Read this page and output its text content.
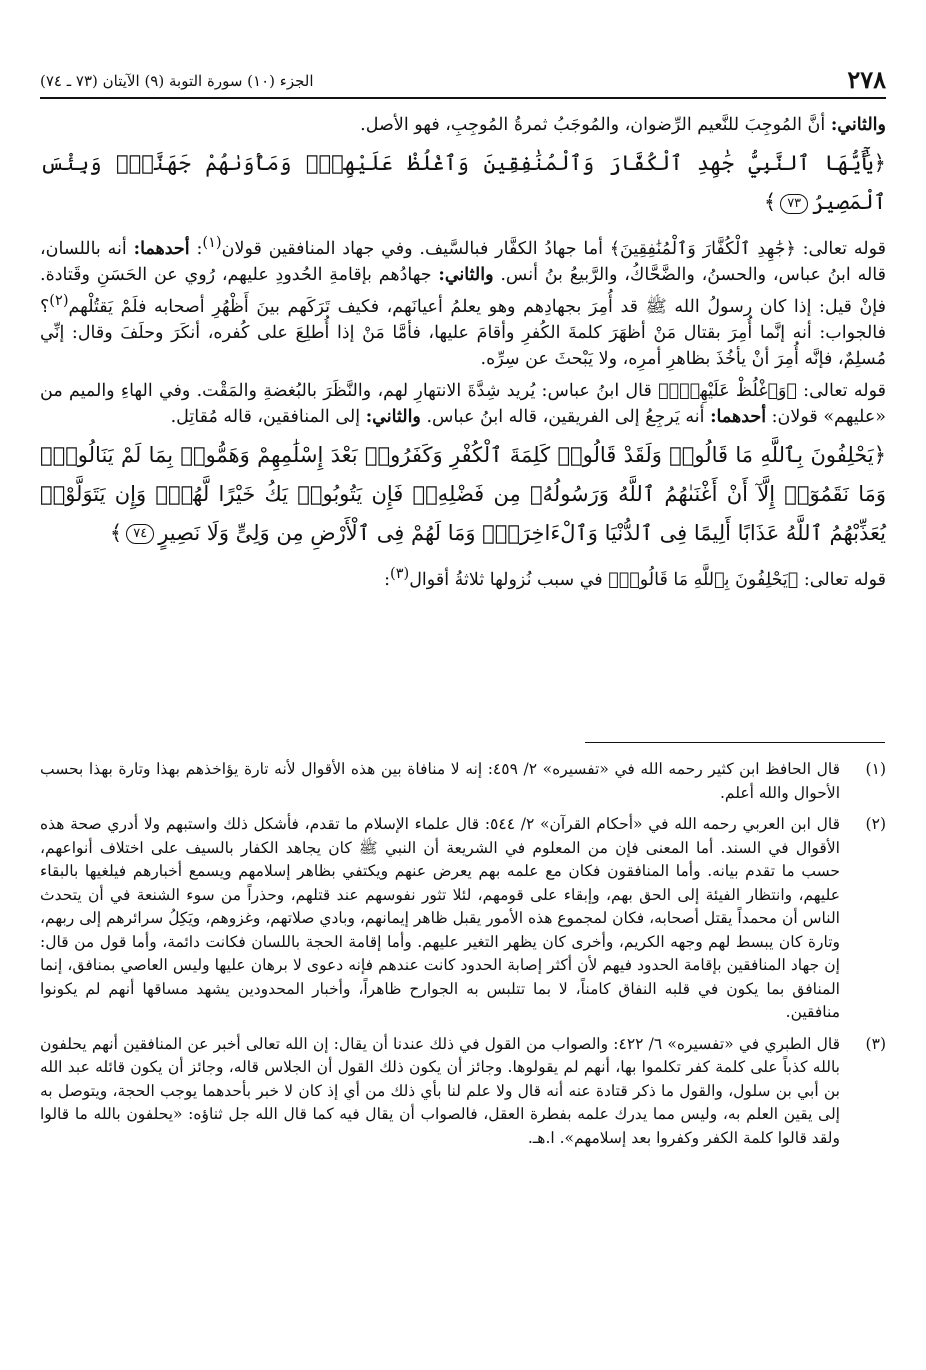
الجزء (١٠) سورة التوبة (٩) الآيتان (٧٣ ـ ٧٤)	٢٧٨

والثاني: أنَّ المُوجِبَ للنَّعيم الرِّضوان، والمُوجَبُ ثمرةُ المُوجِبِ، فهو الأصل.

﴿يَٰٓأَيُّهَا ٱلنَّبِيُّ جَٰهِدِ ٱلْكُفَّارَ وَٱلْمُنَٰفِقِينَ وَٱغْلُظْ عَلَيْهِمْۚ وَمَأْوَىٰهُمْ جَهَنَّمُۖ وَبِئْسَ ٱلْمَصِيرُ٧٣﴾

قوله تعالى: ﴿جَٰهِدِ ٱلْكُفَّارَ وَٱلْمُنَٰفِقِينَ﴾ أما جهادُ الكفَّار فبالسَّيف. وفي جهاد المنافقين قولان$^{(١)}$: أحدهما: أنه باللسان، قاله ابنُ عباس، والحسنُ، والضَّحَّاكُ، والرَّبيعُ بنُ أنس. والثاني: جهادُهم بإقامةِ الحُدودِ عليهم، رُوي عن الحَسَنِ وقَتادة. فإنْ قيل: إذا كان رسولُ الله ﷺ قد أُمِرَ بجهادِهم وهو يعلمُ أعيانَهم، فكيف تَرَكَهم بينَ أَظْهُرِ أصحابه فلَمْ يَقتُلْهم$^{(٢)}$؟ فالجواب: أنه إنَّما أُمِرَ بقتال مَنْ أظهَرَ كلمةَ الكُفرِ وأقامَ عليها، فأمَّا مَنْ إذا أُطلِعَ على كُفره، أنكَرَ وحلَفَ وقال: إنِّي مُسلِمٌ، فإنَّه أُمِرَ أنْ يأخُذَ بظاهرِ أمرِه، ولا يَبْحثَ عن سِرِّه.

قوله تعالى: ﴿وَٱغْلُظْ عَلَيْهِمْۚ﴾ قال ابنُ عباس: يُريد شِدَّةَ الانتهارِ لهم، والنَّظَرَ بالبُغضةِ والمَقْت. وفي الهاءِ والميم من «عليهم» قولان: أحدهما: أنه يَرجِعُ إلى الفريقين، قاله ابنُ عباس. والثاني: إلى المنافقين، قاله مُقاتِل.

﴿يَحْلِفُونَ بِٱللَّهِ مَا قَالُوا۟ وَلَقَدْ قَالُوا۟ كَلِمَةَ ٱلْكُفْرِ وَكَفَرُوا۟ بَعْدَ إِسْلَٰمِهِمْ وَهَمُّوا۟ بِمَا لَمْ يَنَالُوا۟ۚ وَمَا نَقَمُوٓا۟ إِلَّآ أَنْ أَغْنَىٰهُمُ ٱللَّهُ وَرَسُولُهُۥ مِن فَضْلِهِۦۚ فَإِن يَتُوبُوا۟ يَكُ خَيْرًا لَّهُمْۖ وَإِن يَتَوَلَّوْا۟ يُعَذِّبْهُمُ ٱللَّهُ عَذَابًا أَلِيمًا فِى ٱلدُّنْيَا وَٱلْءَاخِرَةِۚ وَمَا لَهُمْ فِى ٱلْأَرْضِ مِن وَلِىٍّ وَلَا نَصِيرٍ٧٤﴾

قوله تعالى: ﴿يَحْلِفُونَ بِٱللَّهِ مَا قَالُوا۟﴾ في سبب نُزولها ثلاثةُ أقوال$^{(٣)}$:

(١)
قال الحافظ ابن كثير رحمه الله في «تفسيره» ٢/ ٤٥٩: إنه لا منافاة بين هذه الأقوال لأنه تارة يؤاخذهم بهذا وتارة بهذا بحسب الأحوال والله أعلم.
(٢)
قال ابن العربي رحمه الله في «أحكام القرآن» ٢/ ٥٤٤: قال علماء الإسلام ما تقدم، فأشكل ذلك واستبهم ولا أدري صحة هذه الأقوال في السند. أما المعنى فإن من المعلوم في الشريعة أن النبي ﷺ كان يجاهد الكفار بالسيف على اختلاف أنواعهم، حسب ما تقدم بيانه. وأما المنافقون فكان مع علمه بهم يعرض عنهم ويكتفي بظاهر إسلامهم ويسمع أخبارهم فيلغيها بالبقاء عليهم، وانتظار الفيئة إلى الحق بهم، وإبقاء على قومهم، لئلا تثور نفوسهم عند قتلهم، وحذراً من سوء الشنعة في أن يتحدث الناس أن محمداً يقتل أصحابه، فكان لمجموع هذه الأمور يقبل ظاهر إيمانهم، وبادي صلاتهم، وغزوهم، ويَكِلُ سرائرهم إلى ربهم، وتارة كان يبسط لهم وجهه الكريم، وأخرى كان يظهر التغير عليهم. وأما إقامة الحجة باللسان فكانت دائمة، وأما قول من قال: إن جهاد المنافقين بإقامة الحدود فيهم لأن أكثر إصابة الحدود كانت عندهم فإنه دعوى لا برهان عليها وليس العاصي بمنافق، إنما المنافق بما يكون في قلبه النفاق كامناً، لا بما تتلبس به الجوارح ظاهراً، وأخبار المحدودين يشهد مساقها أنهم لم يكونوا منافقين.
(٣)
قال الطبري في «تفسيره» ٦/ ٤٢٢: والصواب من القول في ذلك عندنا أن يقال: إن الله تعالى أخبر عن المنافقين أنهم يحلفون بالله كذباً على كلمة كفر تكلموا بها، أنهم لم يقولوها. وجائز أن يكون ذلك القول أن الجلاس قاله، وجائز أن يكون قائله عبد الله بن أبي بن سلول، والقول ما ذكر قتادة عنه أنه قال ولا علم لنا بأي ذلك من أي إذ كان لا خبر بأحدهما يوجب الحجة، ويتوصل به إلى يقين العلم به، وليس مما يدرك علمه بفطرة العقل، فالصواب أن يقال فيه كما قال الله جل ثناؤه: «يحلفون بالله ما قالوا ولقد قالوا كلمة الكفر وكفروا بعد إسلامهم». ا.هـ.
